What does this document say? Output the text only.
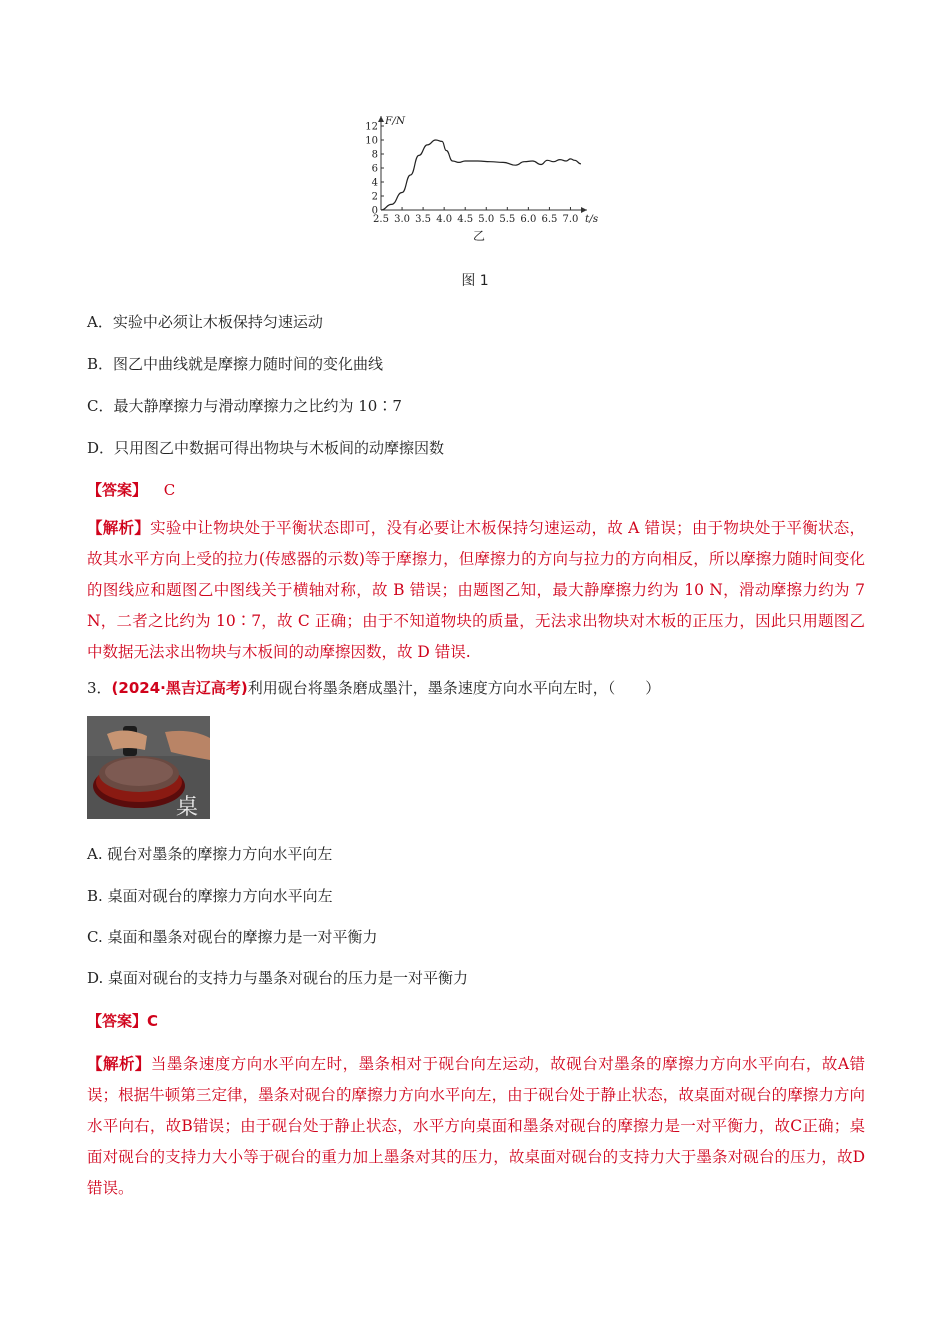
0
2
4
6
8
10
12
2.5 3.0 3.5 4.0 4.5 5.0 5.5 6.0 6.5 7.0
F/N
t/s
乙
图 1
A．实验中必须让木板保持匀速运动
B．图乙中曲线就是摩擦力随时间的变化曲线
C．最大静摩擦力与滑动摩擦力之比约为 10∶7
D．只用图乙中数据可得出物块与木板间的动摩擦因数
【答案】 C
【解析】实验中让物块处于平衡状态即可，没有必要让木板保持匀速运动，故 A 错误；由于物块处于平衡状态，故其水平方向上受的拉力(传感器的示数)等于摩擦力，但摩擦力的方向与拉力的方向相反，所以摩擦力随时间变化的图线应和题图乙中图线关于横轴对称，故 B 错误；由题图乙知，最大静摩擦力约为 10 N，滑动摩擦力约为 7 N，二者之比约为 10∶7，故 C 正确；由于不知道物块的质量，无法求出物块对木板的正压力，因此只用题图乙中数据无法求出物块与木板间的动摩擦因数，故 D 错误.
3．(2024·黑吉辽高考)利用砚台将墨条磨成墨汁，墨条速度方向水平向左时，（　　）
桌
A. 砚台对墨条的摩擦力方向水平向左
B. 桌面对砚台的摩擦力方向水平向左
C. 桌面和墨条对砚台的摩擦力是一对平衡力
D. 桌面对砚台的支持力与墨条对砚台的压力是一对平衡力
【答案】C
【解析】当墨条速度方向水平向左时，墨条相对于砚台向左运动，故砚台对墨条的摩擦力方向水平向右，故A错误；根据牛顿第三定律，墨条对砚台的摩擦力方向水平向左，由于砚台处于静止状态，故桌面对砚台的摩擦力方向水平向右，故B错误；由于砚台处于静止状态，水平方向桌面和墨条对砚台的摩擦力是一对平衡力，故C正确；桌面对砚台的支持力大小等于砚台的重力加上墨条对其的压力，故桌面对砚台的支持力大于墨条对砚台的压力，故D错误。
